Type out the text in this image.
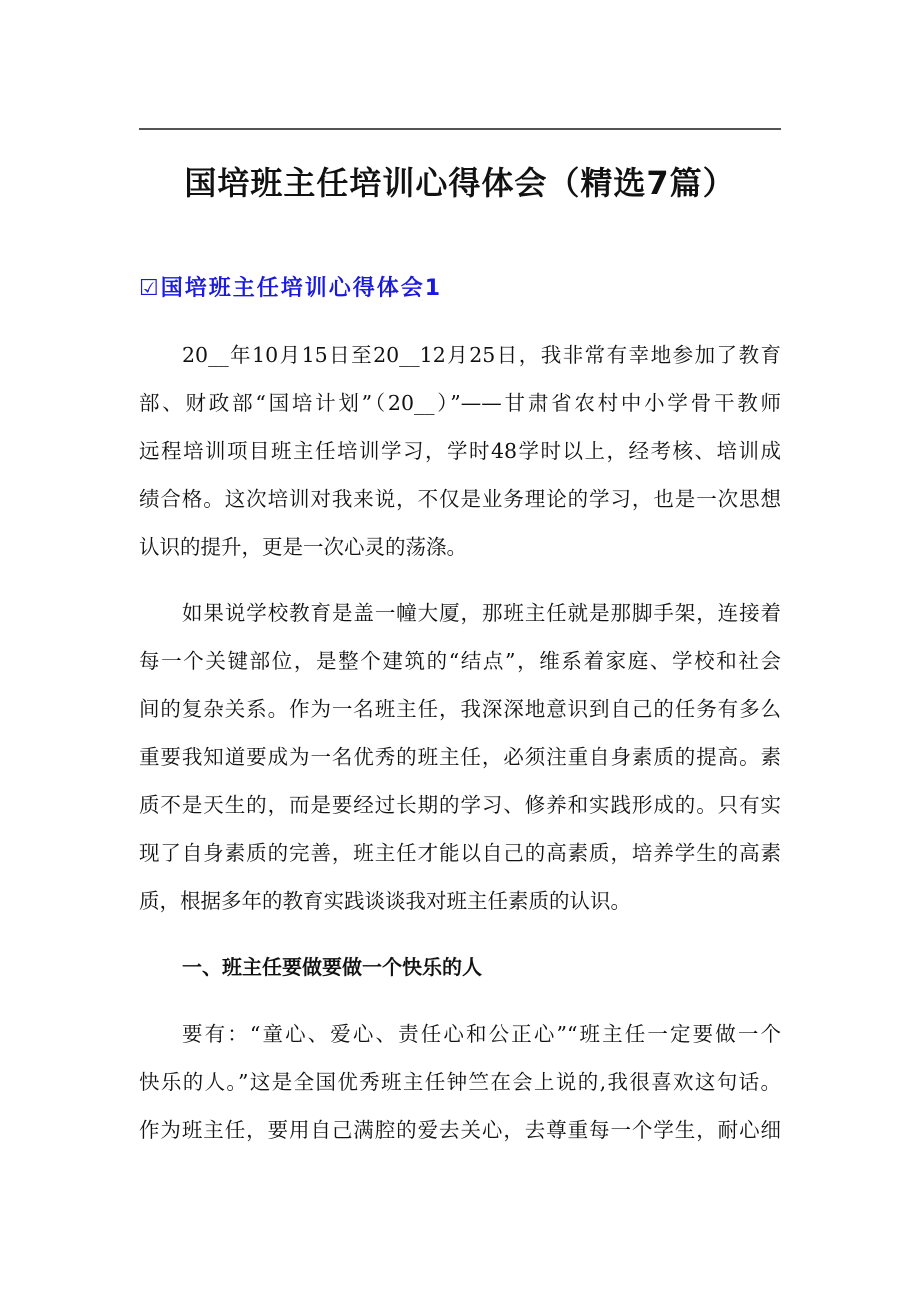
国培班主任培训心得体会（精选7篇）
☑国培班主任培训心得体会1
20__年10月15日至20__12月25日，我非常有幸地参加了教育
部、财政部“国培计划”（20__）”——甘肃省农村中小学骨干教师
远程培训项目班主任培训学习，学时48学时以上，经考核、培训成
绩合格。这次培训对我来说，不仅是业务理论的学习，也是一次思想
认识的提升，更是一次心灵的荡涤。
如果说学校教育是盖一幢大厦，那班主任就是那脚手架，连接着
每一个关键部位，是整个建筑的“结点”，维系着家庭、学校和社会
间的复杂关系。作为一名班主任，我深深地意识到自己的任务有多么
重要我知道要成为一名优秀的班主任，必须注重自身素质的提高。素
质不是天生的，而是要经过长期的学习、修养和实践形成的。只有实
现了自身素质的完善，班主任才能以自己的高素质，培养学生的高素
质，根据多年的教育实践谈谈我对班主任素质的认识。
一、班主任要做要做一个快乐的人
要有：“童心、爱心、责任心和公正心”“班主任一定要做一个
快乐的人。”这是全国优秀班主任钟竺在会上说的,我很喜欢这句话。
作为班主任，要用自己满腔的爱去关心，去尊重每一个学生，耐心细
